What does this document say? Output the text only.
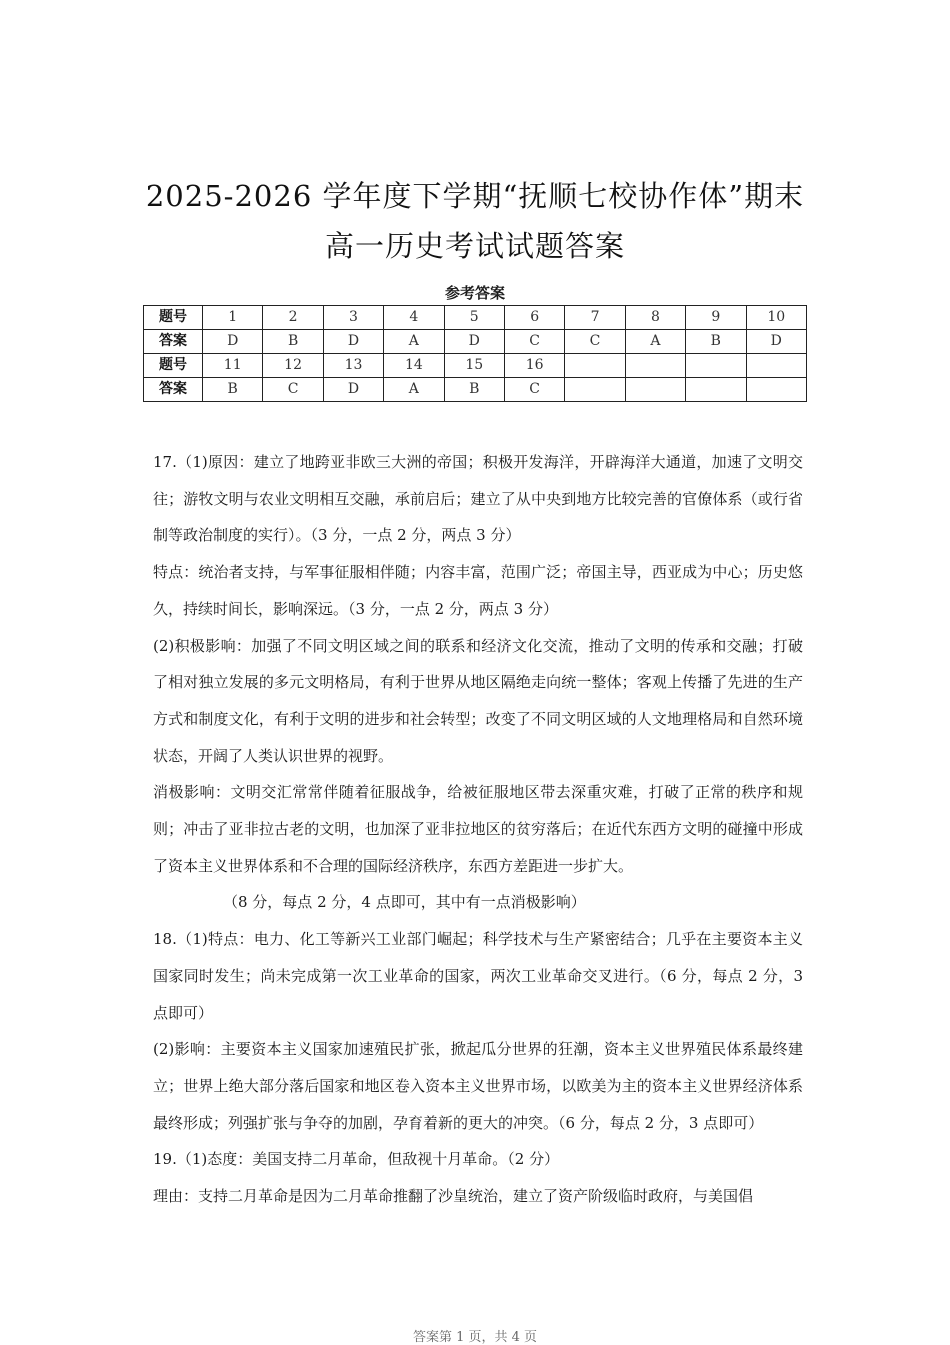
2025-2026 学年度下学期“抚顺七校协作体”期末
高一历史考试试题答案
参考答案
题号	1	2	3	4	5	6	7	8	9	10
答案	D	B	D	A	D	C	C	A	B	D
题号	11	12	13	14	15	16				
答案	B	C	D	A	B	C				

17.（1)原因：建立了地跨亚非欧三大洲的帝国；积极开发海洋，开辟海洋大通道，加速了文明交往；游牧文明与农业文明相互交融，承前启后；建立了从中央到地方比较完善的官僚体系（或行省制等政治制度的实行）。（3 分，一点 2 分，两点 3 分）

特点：统治者支持，与军事征服相伴随；内容丰富，范围广泛；帝国主导，西亚成为中心；历史悠久，持续时间长，影响深远。（3 分，一点 2 分，两点 3 分）

(2)积极影响：加强了不同文明区域之间的联系和经济文化交流，推动了文明的传承和交融；打破了相对独立发展的多元文明格局，有利于世界从地区隔绝走向统一整体；客观上传播了先进的生产方式和制度文化，有利于文明的进步和社会转型；改变了不同文明区域的人文地理格局和自然环境状态，开阔了人类认识世界的视野。

消极影响：文明交汇常常伴随着征服战争，给被征服地区带去深重灾难，打破了正常的秩序和规则；冲击了亚非拉古老的文明，也加深了亚非拉地区的贫穷落后；在近代东西方文明的碰撞中形成了资本主义世界体系和不合理的国际经济秩序，东西方差距进一步扩大。

（8 分，每点 2 分，4 点即可，其中有一点消极影响）

18.（1)特点：电力、化工等新兴工业部门崛起；科学技术与生产紧密结合；几乎在主要资本主义国家同时发生；尚未完成第一次工业革命的国家，两次工业革命交叉进行。（6 分，每点 2 分，3 点即可）

(2)影响：主要资本主义国家加速殖民扩张，掀起瓜分世界的狂潮，资本主义世界殖民体系最终建立；世界上绝大部分落后国家和地区卷入资本主义世界市场，以欧美为主的资本主义世界经济体系最终形成；列强扩张与争夺的加剧，孕育着新的更大的冲突。（6 分，每点 2 分，3 点即可）

19.（1)态度：美国支持二月革命，但敌视十月革命。（2 分）

理由：支持二月革命是因为二月革命推翻了沙皇统治，建立了资产阶级临时政府，与美国倡

答案第 1 页，共 4 页
